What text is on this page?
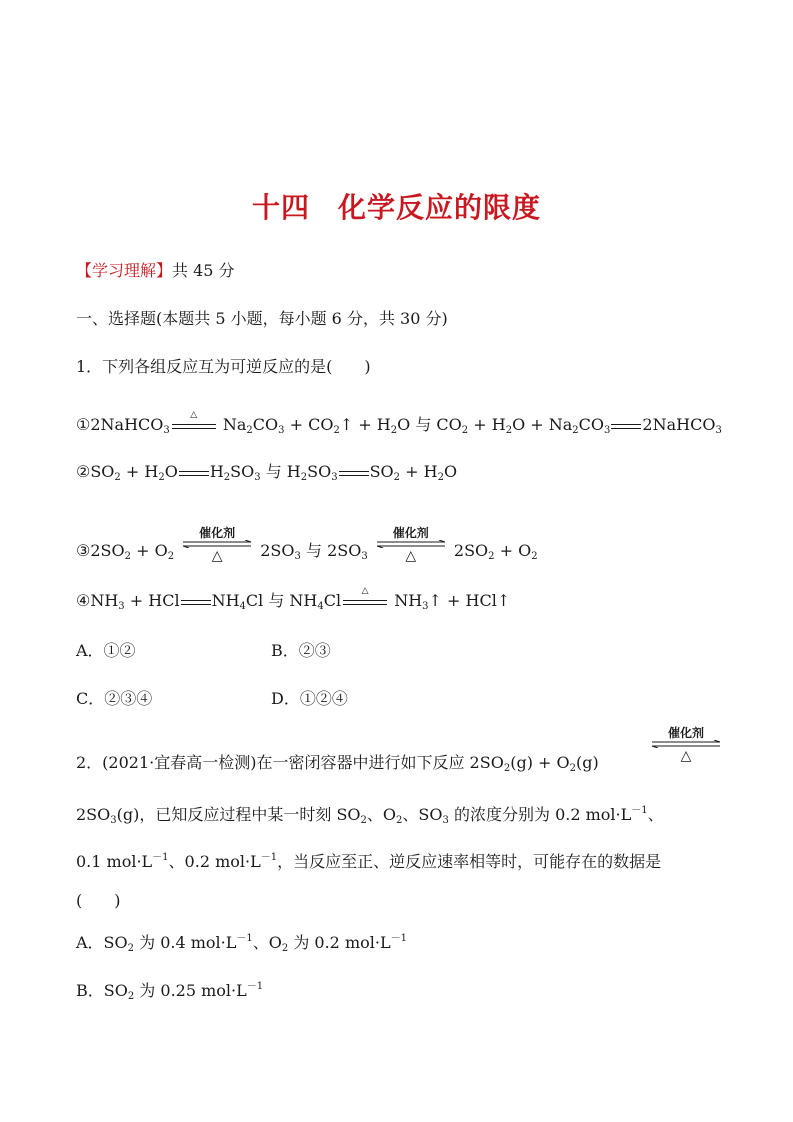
十四 化学反应的限度
【学习理解】共 45 分
一、选择题(本题共 5 小题，每小题 6 分，共 30 分)
1．下列各组反应互为可逆反应的是(　　)
①2NaHCO$_3$
△
$Na_2CO_3$ + $CO_2↑ + H_2O$ 与 $CO_2 + H_2O + Na_2CO_3$ 2NaHCO$_3$
$②SO_2 + H_2O$ $H_2SO_3$ 与 $H_2SO_3$ $SO_2 + H_2O$
$③2SO_2 + O_2$
催化剂
△	$2SO_3$ 与 $2SO_3$
催化剂
△	$2SO_2 + O_2$
$④NH_3$ + HCl $NH_4Cl$ 与 $NH_4Cl$
△
$NH_3↑$ + HCl↑
A．①②	B．②③
C．②③④	D．①②④
2．(2021·宜春高一检测)在一密闭容器中进行如下反应 $2SO_2(g) + O_2(g)$
催化剂
△
$2SO_3(g)$，已知反应过程中某一时刻 $SO_2$、$O_2$、$SO_3$ 的浓度分别为 0.2 $mol\cdot L^{-1}$、
0.1 $mol\cdot L^{-1}$、0.2 $mol\cdot L^{-1}$，当反应至正、逆反应速率相等时，可能存在的数据是
(　　)
A．$SO_2$ 为 0.4 $mol\cdot L^{-1}$、$O_2$ 为 0.2 $mol\cdot L^{-1}$
B．$SO_2$ 为 0.25 $mol\cdot L^{-1}$
